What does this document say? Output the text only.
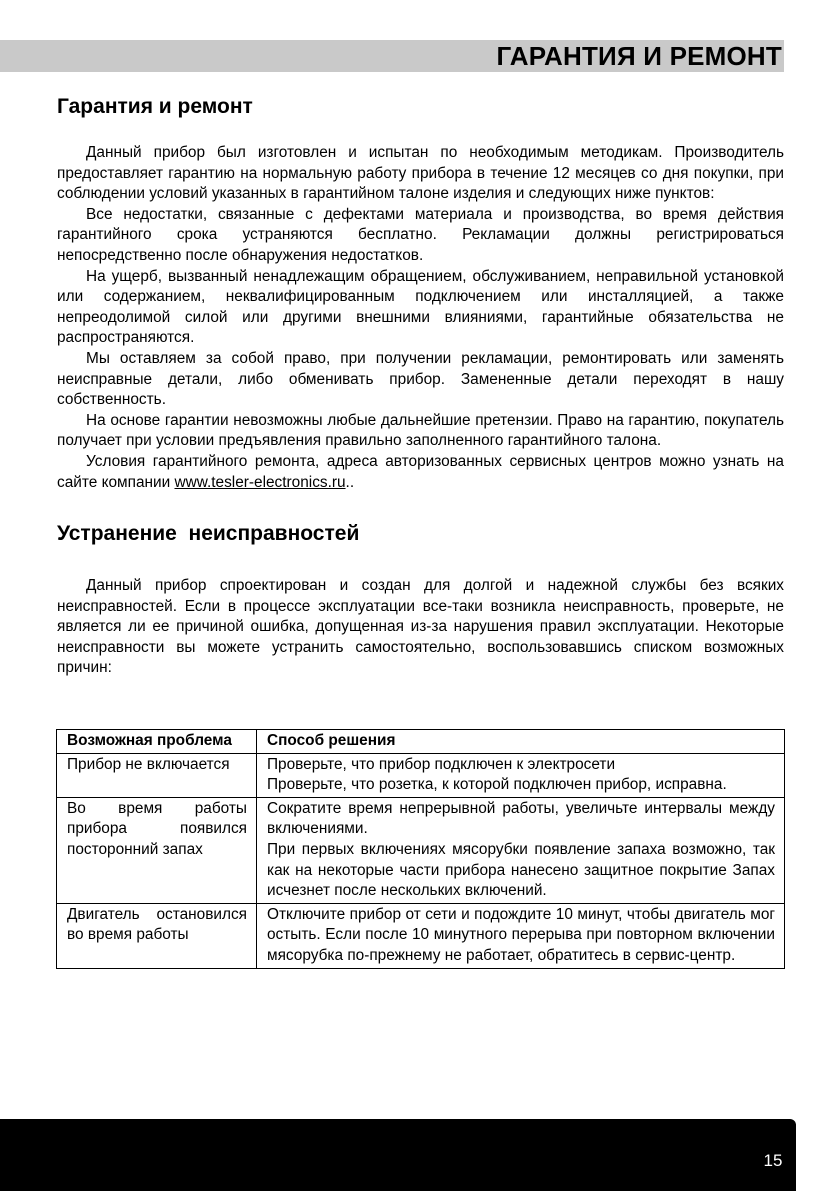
ГАРАНТИЯ И РЕМОНТ
Гарантия и ремонт

Данный прибор был изготовлен и испытан по необходимым методикам. Производитель предоставляет гарантию на нормальную работу прибора в течение 12 месяцев со дня покупки, при соблюдении условий указанных в гарантийном талоне изделия и следующих ниже пунктов:

Все недостатки, связанные с дефектами материала и производства, во время действия гарантийного срока устраняются бесплатно. Рекламации должны регистрироваться непосредственно после обнаружения недостатков.

На ущерб, вызванный ненадлежащим обращением, обслуживанием, неправильной установкой или содержанием, неквалифицированным подключением или инсталляцией, а также непреодолимой силой или другими внешними влияниями, гарантийные обязательства не распространяются.

Мы оставляем за собой право, при получении рекламации, ремонтировать или заменять неисправные детали, либо обменивать прибор. Замененные детали переходят в нашу собственность.

На основе гарантии невозможны любые дальнейшие претензии. Право на гарантию, покупатель получает при условии предъявления правильно заполненного гарантийного талона.

Условия гарантийного ремонта, адреса авторизованных сервисных центров можно узнать на сайте компании www.tesler-electronics.ru..

Устранение  неисправностей

Данный прибор спроектирован и создан для долгой и надежной службы без всяких неисправностей. Если в процессе эксплуатации все-таки возникла неисправность, проверьте, не является ли ее причиной ошибка, допущенная из-за нарушения правил эксплуатации. Некоторые неисправности вы можете устранить самостоятельно, воспользовавшись списком возможных причин:

Возможная проблема	Способ решения

Прибор не включается	Проверьте, что прибор подключен к электросети

Проверьте, что розетка, к которой подключен прибор, исправна.

Во время работы прибора появился посторонний запах	Сократите время непрерывной работы, увеличьте интервалы между включениями.

При первых включениях мясорубки появление запаха возможно, так как на некоторые части прибора нанесено защитное покрытие Запах исчезнет после нескольких включений.

Двигатель остановился во время работы	Отключите прибор от сети и подождите 10 минут, чтобы двигатель мог остыть. Если после 10 минутного перерыва при повторном включении мясорубка по-прежнему не работает, обратитесь в сервис-центр.

15
